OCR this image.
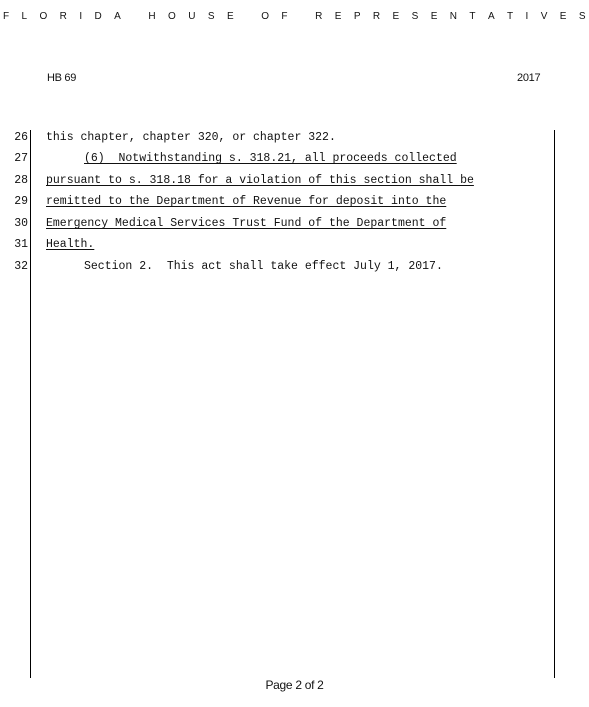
F L O R I D A
	H O U S E
	O F
	R E P R E S E N T A T I V E S
HB 69	2017
26 this chapter, chapter 320, or chapter 322.
27	(6)  Notwithstanding s. 318.21, all proceeds collected
28 pursuant to s. 318.18 for a violation of this section shall be
29 remitted to the Department of Revenue for deposit into the
30 Emergency Medical Services Trust Fund of the Department of
31 Health.
32	Section 2.  This act shall take effect July 1, 2017.
Page 2 of 2
